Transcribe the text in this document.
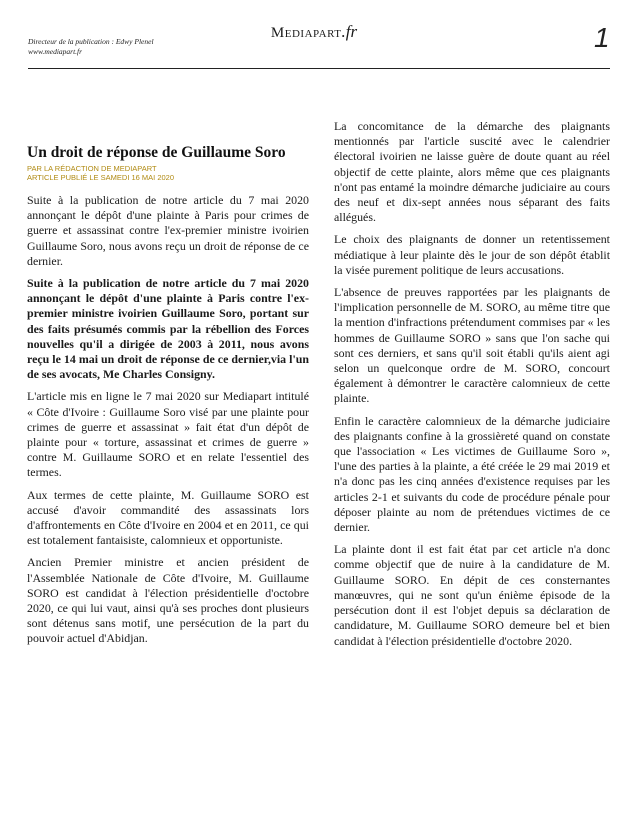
Directeur de la publication : Edwy Plenel
www.mediapart.fr
Mediapart.fr	1
Un droit de réponse de Guillaume Soro
PAR LA RÉDACTION DE MEDIAPART
ARTICLE PUBLIÉ LE SAMEDI 16 MAI 2020

Suite à la publication de notre article du 7 mai 2020 annonçant le dépôt d'une plainte à Paris pour crimes de guerre et assassinat contre l'ex-premier ministre ivoirien Guillaume Soro, nous avons reçu un droit de réponse de ce dernier.

Suite à la publication de notre article du 7 mai 2020 annonçant le dépôt d'une plainte à Paris contre l'ex-premier ministre ivoirien Guillaume Soro, portant sur des faits présumés commis par la rébellion des Forces nouvelles qu'il a dirigée de 2003 à 2011, nous avons reçu le 14 mai un droit de réponse de ce dernier,via l'un de ses avocats, Me Charles Consigny.

L'article mis en ligne le 7 mai 2020 sur Mediapart intitulé « Côte d'Ivoire : Guillaume Soro visé par une plainte pour crimes de guerre et assassinat » fait état d'un dépôt de plainte pour « torture, assassinat et crimes de guerre » contre M. Guillaume SORO et en relate l'essentiel des termes.

Aux termes de cette plainte, M. Guillaume SORO est accusé d'avoir commandité des assassinats lors d'affrontements en Côte d'Ivoire en 2004 et en 2011, ce qui est totalement fantaisiste, calomnieux et opportuniste.

Ancien Premier ministre et ancien président de l'Assemblée Nationale de Côte d'Ivoire, M. Guillaume SORO est candidat à l'élection présidentielle d'octobre 2020, ce qui lui vaut, ainsi qu'à ses proches dont plusieurs sont détenus sans motif, une persécution de la part du pouvoir actuel d'Abidjan.

La concomitance de la démarche des plaignants mentionnés par l'article suscité avec le calendrier électoral ivoirien ne laisse guère de doute quant au réel objectif de cette plainte, alors même que ces plaignants n'ont pas entamé la moindre démarche judiciaire au cours des neuf et dix-sept années nous séparant des faits allégués.

Le choix des plaignants de donner un retentissement médiatique à leur plainte dès le jour de son dépôt établit la visée purement politique de leurs accusations.

L'absence de preuves rapportées par les plaignants de l'implication personnelle de M. SORO, au même titre que la mention d'infractions prétendument commises par « les hommes de Guillaume SORO » sans que l'on sache qui sont ces derniers, et sans qu'il soit établi qu'ils aient agi selon un quelconque ordre de M. SORO, concourt également à démontrer le caractère calomnieux de cette plainte.

Enfin le caractère calomnieux de la démarche judiciaire des plaignants confine à la grossièreté quand on constate que l'association « Les victimes de Guillaume Soro », l'une des parties à la plainte, a été créée le 29 mai 2019 et n'a donc pas les cinq années d'existence requises par les articles 2-1 et suivants du code de procédure pénale pour déposer plainte au nom de prétendues victimes de ce dernier.

La plainte dont il est fait état par cet article n'a donc comme objectif que de nuire à la candidature de M. Guillaume SORO. En dépit de ces consternantes manœuvres, qui ne sont qu'un énième épisode de la persécution dont il est l'objet depuis sa déclaration de candidature, M. Guillaume SORO demeure bel et bien candidat à l'élection présidentielle d'octobre 2020.
